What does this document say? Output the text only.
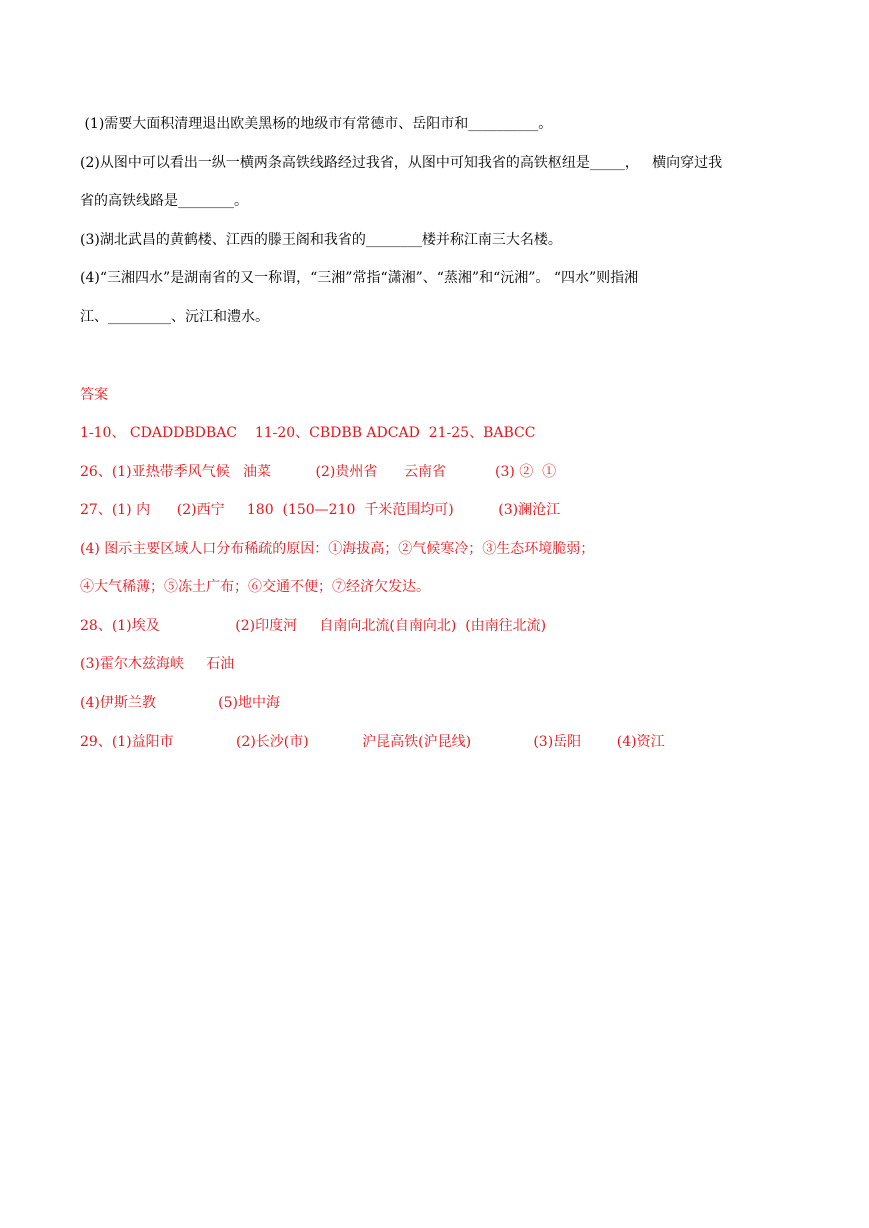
(1)需要大面积清理退出欧美黑杨的地级市有常德市、岳阳市和__________。
(2)从图中可以看出一纵一横两条高铁线路经过我省，从图中可知我省的高铁枢纽是_____，   横向穿过我
省的高铁线路是________。
(3)湖北武昌的黄鹤楼、江西的滕王阁和我省的________楼并称江南三大名楼。
(4)“三湘四水”是湖南省的又一称谓，“三湘”常指“潇湘”、“蒸湘”和“沅湘”。 “四水”则指湘
江、_________、沅江和澧水。
答案
1-10、 CDADDBDBAC    11-20、CBDBB ADCAD  21-25、BABCC
26、(1)亚热带季风气候   油菜          (2)贵州省      云南省           (3) ②  ①
27、(1) 内      (2)西宁     180  (150—210  千米范围均可)          (3)澜沧江
(4) 图示主要区域人口分布稀疏的原因：①海拔高；②气候寒冷；③生态环境脆弱；
④大气稀薄；⑤冻土广布；⑥交通不便；⑦经济欠发达。
28、(1)埃及                 (2)印度河     自南向北流(自南向北)  (由南往北流)
(3)霍尔木兹海峡     石油
(4)伊斯兰教              (5)地中海
29、(1)益阳市              (2)长沙(市)            沪昆高铁(沪昆线)              (3)岳阳        (4)资江
